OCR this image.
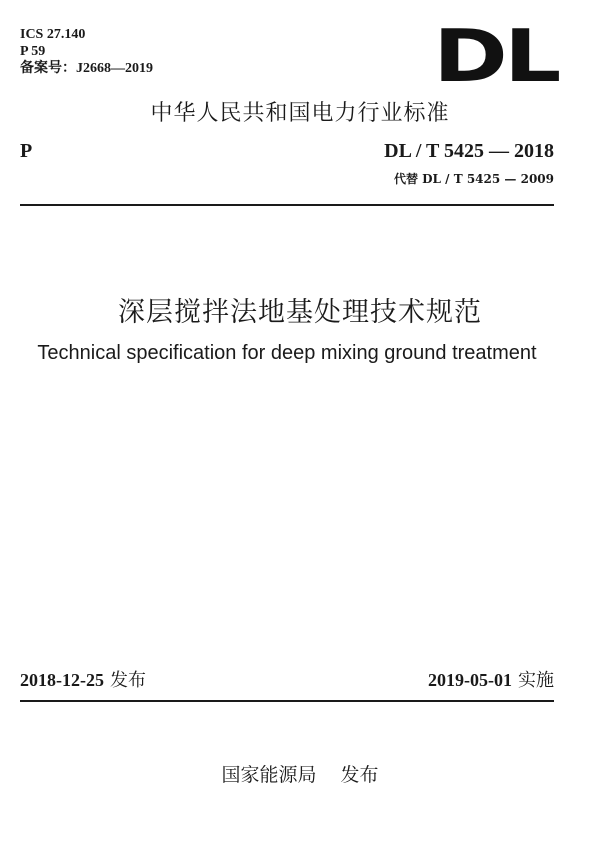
ICS 27.140
P 59
备案号：J2668—2019	DL
中华人民共和国电力行业标准
P	DL / T 5425 — 2018
代替 DL / T 5425 — 2009
深层搅拌法地基处理技术规范
Technical specification for deep mixing ground treatment
2018-12-25 发布	2019-05-01 实施
国家能源局 发布
